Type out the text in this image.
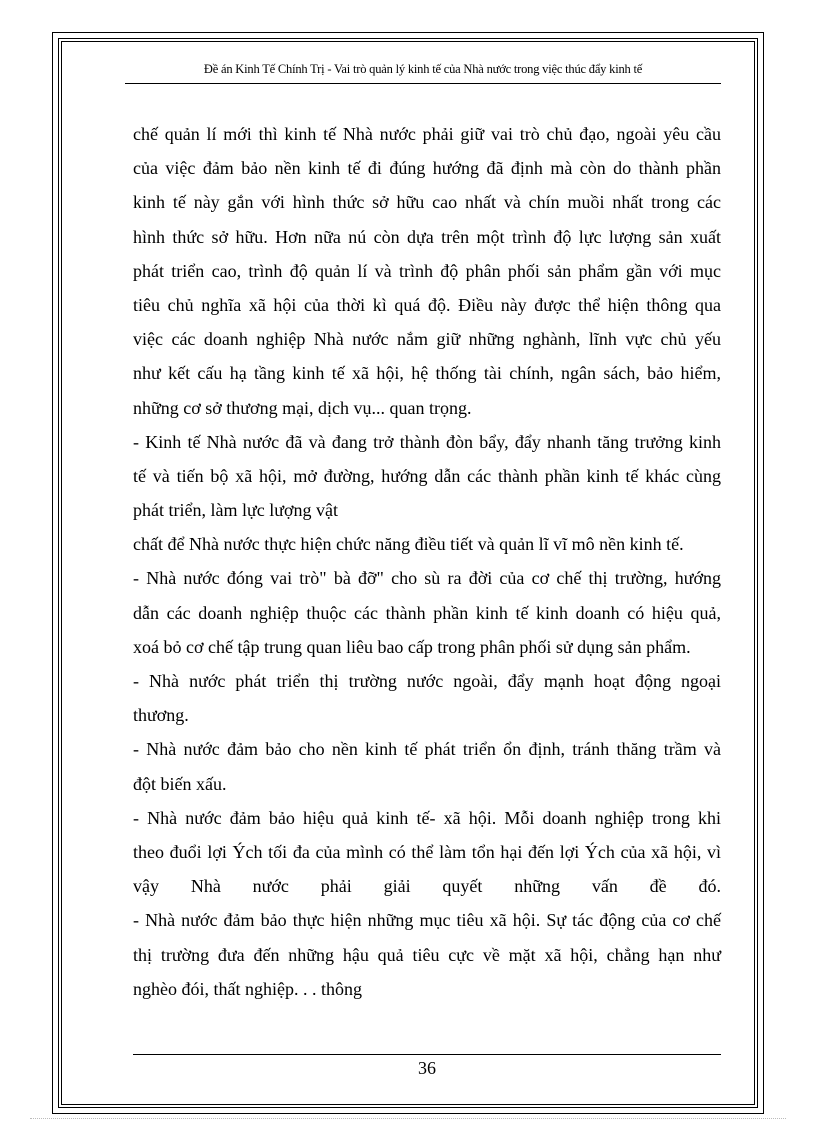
Đề án Kinh Tế Chính Trị - Vai trò quản lý kinh tế của Nhà nước trong việc thúc đẩy kinh tế
chế quản lí mới thì kinh tế Nhà nước phải giữ vai trò chủ đạo, ngoài yêu cầu
của việc đảm bảo nền kinh tế đi đúng hướng đã định mà còn do thành phần
kinh tế này gắn với hình thức sở hữu cao nhất và chín muồi nhất trong các
hình thức sở hữu. Hơn nữa nú còn dựa trên một trình độ lực lượng sản xuất
phát triển cao, trình độ quản lí và trình độ phân phối sản phẩm gần với mục
tiêu chủ nghĩa xã hội của thời kì quá độ. Điều này được thể hiện thông qua
việc các doanh nghiệp Nhà nước nắm giữ những nghành, lĩnh vực chủ yếu
như kết cấu hạ tầng kinh tế xã hội, hệ thống tài chính, ngân sách, bảo hiểm,
những cơ sở thương mại, dịch vụ... quan trọng.
- Kinh tế Nhà nước đã và đang trở thành đòn bẩy, đẩy nhanh tăng trưởng kinh
tế và tiến bộ xã hội, mở đường, hướng dẫn các thành phần kinh tế khác cùng
phát triển, làm lực lượng vật
chất để Nhà nước thực hiện chức năng điều tiết và quản lĩ vĩ mô nền kinh tế.
- Nhà nước đóng vai trò" bà đỡ" cho sù ra đời của cơ chế thị trường, hướng
dẫn các doanh nghiệp thuộc các thành phần kinh tế kinh doanh có hiệu quả,
xoá bỏ cơ chế tập trung quan liêu bao cấp trong phân phối sử dụng sản phẩm.
- Nhà nước phát triển thị trường nước ngoài, đẩy mạnh hoạt động ngoại
thương.
- Nhà nước đảm bảo cho nền kinh tế phát triển ổn định, tránh thăng trầm và
đột biến xấu.
- Nhà nước đảm bảo hiệu quả kinh tế- xã hội. Mỗi doanh nghiệp trong khi
theo đuổi lợi Ých tối đa của mình có thể làm tổn hại đến lợi Ých của xã hội, vì
vậy Nhà nước phải giải quyết những vấn đề đó.
- Nhà nước đảm bảo thực hiện những mục tiêu xã hội. Sự tác động của cơ chế
thị trường đưa đến những hậu quả tiêu cực về mặt xã hội, chẳng hạn như
nghèo đói, thất nghiệp. . . thông
36
